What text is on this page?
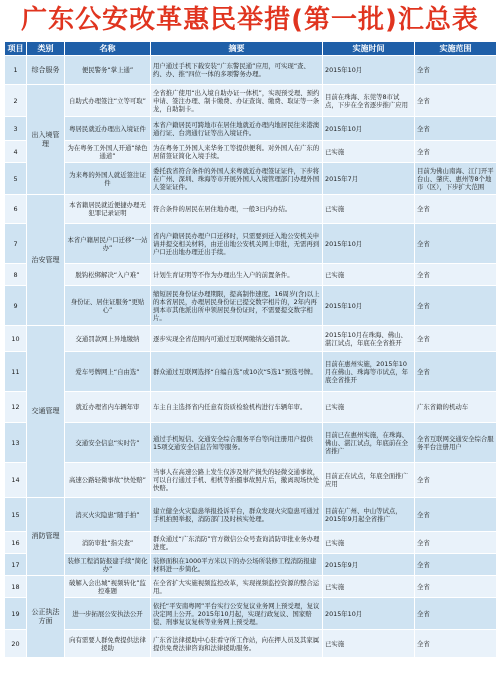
广东公安改革惠民举措(第一批)汇总表
项目	类别	名称	摘要	实施时间	实施范围
1	综合服务	便民警务“掌上通”	用户通过手机下载安装“广东警民通”应用，可实现“查、约、办、推”四位一体的多项警务办理。	2015年10月	全省
2	出入境管理	自助式办理签注“立等可取”	全省推广使用“出入境自助办证一体机”，实现预受理、预约申请、签注办理、制卡缴费、办证查询、缴费、取证等一条龙，自助制卡。	目前在珠海、东莞等8市试点，下步在全省逐步推广应用	全省
3		粤居民就近办理出入境证件	本省户籍居民可跨地市在居住地就近办理内地居民往来港澳通行证、台湾通行证等出入境证件。	2015年10月	全省
4		为在粤务工外国人开通“绿色通道”	为在粤务工外国人来华务工等提供便利。对外国人在广东的居留签证简化入境手续。	已实施	全省
5		为来粤的外国人就近签注证件	委托我省符合条件的外国人来粤就近办理签证证件，下步将在广州、深圳、珠海等市开展外国人入境管理部门办理外国人签证证件。	2015年7月	目前为佛山南海、江门开平台山、肇庆、惠州等8个地市（区），下步扩大范围
6	治安管理	本省籍居民就近便捷办理无犯罪记录证明	符合条件的居民在居住地办理，一般3日内办结。	已实施	全省
7		本省户籍居民户口迁移“一站办”	省内户籍居民办理户口迁移时，只需要到迁入地公安机关申请并提交相关材料，由迁出地公安机关网上审批，无需再到户口迁出地办理迁出手续。	2015年10月	全省
8		脱钩松绑解决“入户难”	计划生育证明等不作为办理出生入户的前置条件。	已实施	全省
9		身份证、居住证服务“更贴心”	缩短居民身份证办理期限，提高制作速度。16周岁(含)以上的本省居民，办理居民身份证已提交数字相片的，2年内再到本市其他派出所申领居民身份证时，不需要提交数字相片。	2015年10月	全省
10	交通管理	交通罚款网上异地缴纳	逐步实现全省范围内可通过互联网缴纳交通罚款。	2015年10月在珠海、佛山、湛江试点，年底在全省推开	全省
11		爱车号牌网上“自由选”	群众通过互联网选择“自编自选”或10次“5选1”预选号牌。	目前在惠州实施，2015年10月在佛山、珠海等市试点，年底全省推开	全省
12		就近办理省内车辆年审	车主自主选择省内任意有资质检验机构进行车辆年审。	已实施	广东省籍的机动车
13		交通安全信息“实时告”	通过手机短信、交通安全综合服务平台等向注册用户提供15项交通安全信息告知等服务。	目前已在惠州实施，在珠海、佛山、湛江试点，年底前在全省推广	全省互联网交通安全综合服务平台注册用户
14		高速公路轻微事故“快处赔”	当事人在高速公路上发生仅涉及财产损失的轻微交通事故，可以自行通过手机、相机等拍摄事故照片后，撤离现场快处快赔。	目前正在试点，年底全面推广应用	全省
15	消防管理	消灭火灾隐患“随手拍”	建立健全火灾隐患举报投诉平台，群众发现火灾隐患可通过手机拍照举报，消防部门及时核实处理。	目前在广州、中山等试点，2015年9月起全省推广	全省
16		消防审批“指尖查”	群众通过“广东消防”官方微信公众号查询消防审批业务办理进度。	已实施	全省
17		装修工程消防报建手续“简化办”	装修面积在1000平方米以下的办公场所装修工程消防报建材料进一步简化。	2015年9月	全省
18	公正执法方面	破解入会出城“视频转化”监控难题	在全省扩大实施视频监控改革，实现视频监控资源的整合运用。	已实施	全省
19		进一步拓展公安执法公开	依托“平安南粤网”平台实行公安复议业务网上预受理，复议决定网上公开。2015年10月起，实现行政复议、国家赔偿、刑事复议复核等业务网上预受理。	2015年10月	全省
20		向有需要人群免费提供法律援助	广东省法律援助中心驻看守所工作站，向在押人员及其家属提供免费法律咨询和法律援助服务。	已实施	全省
